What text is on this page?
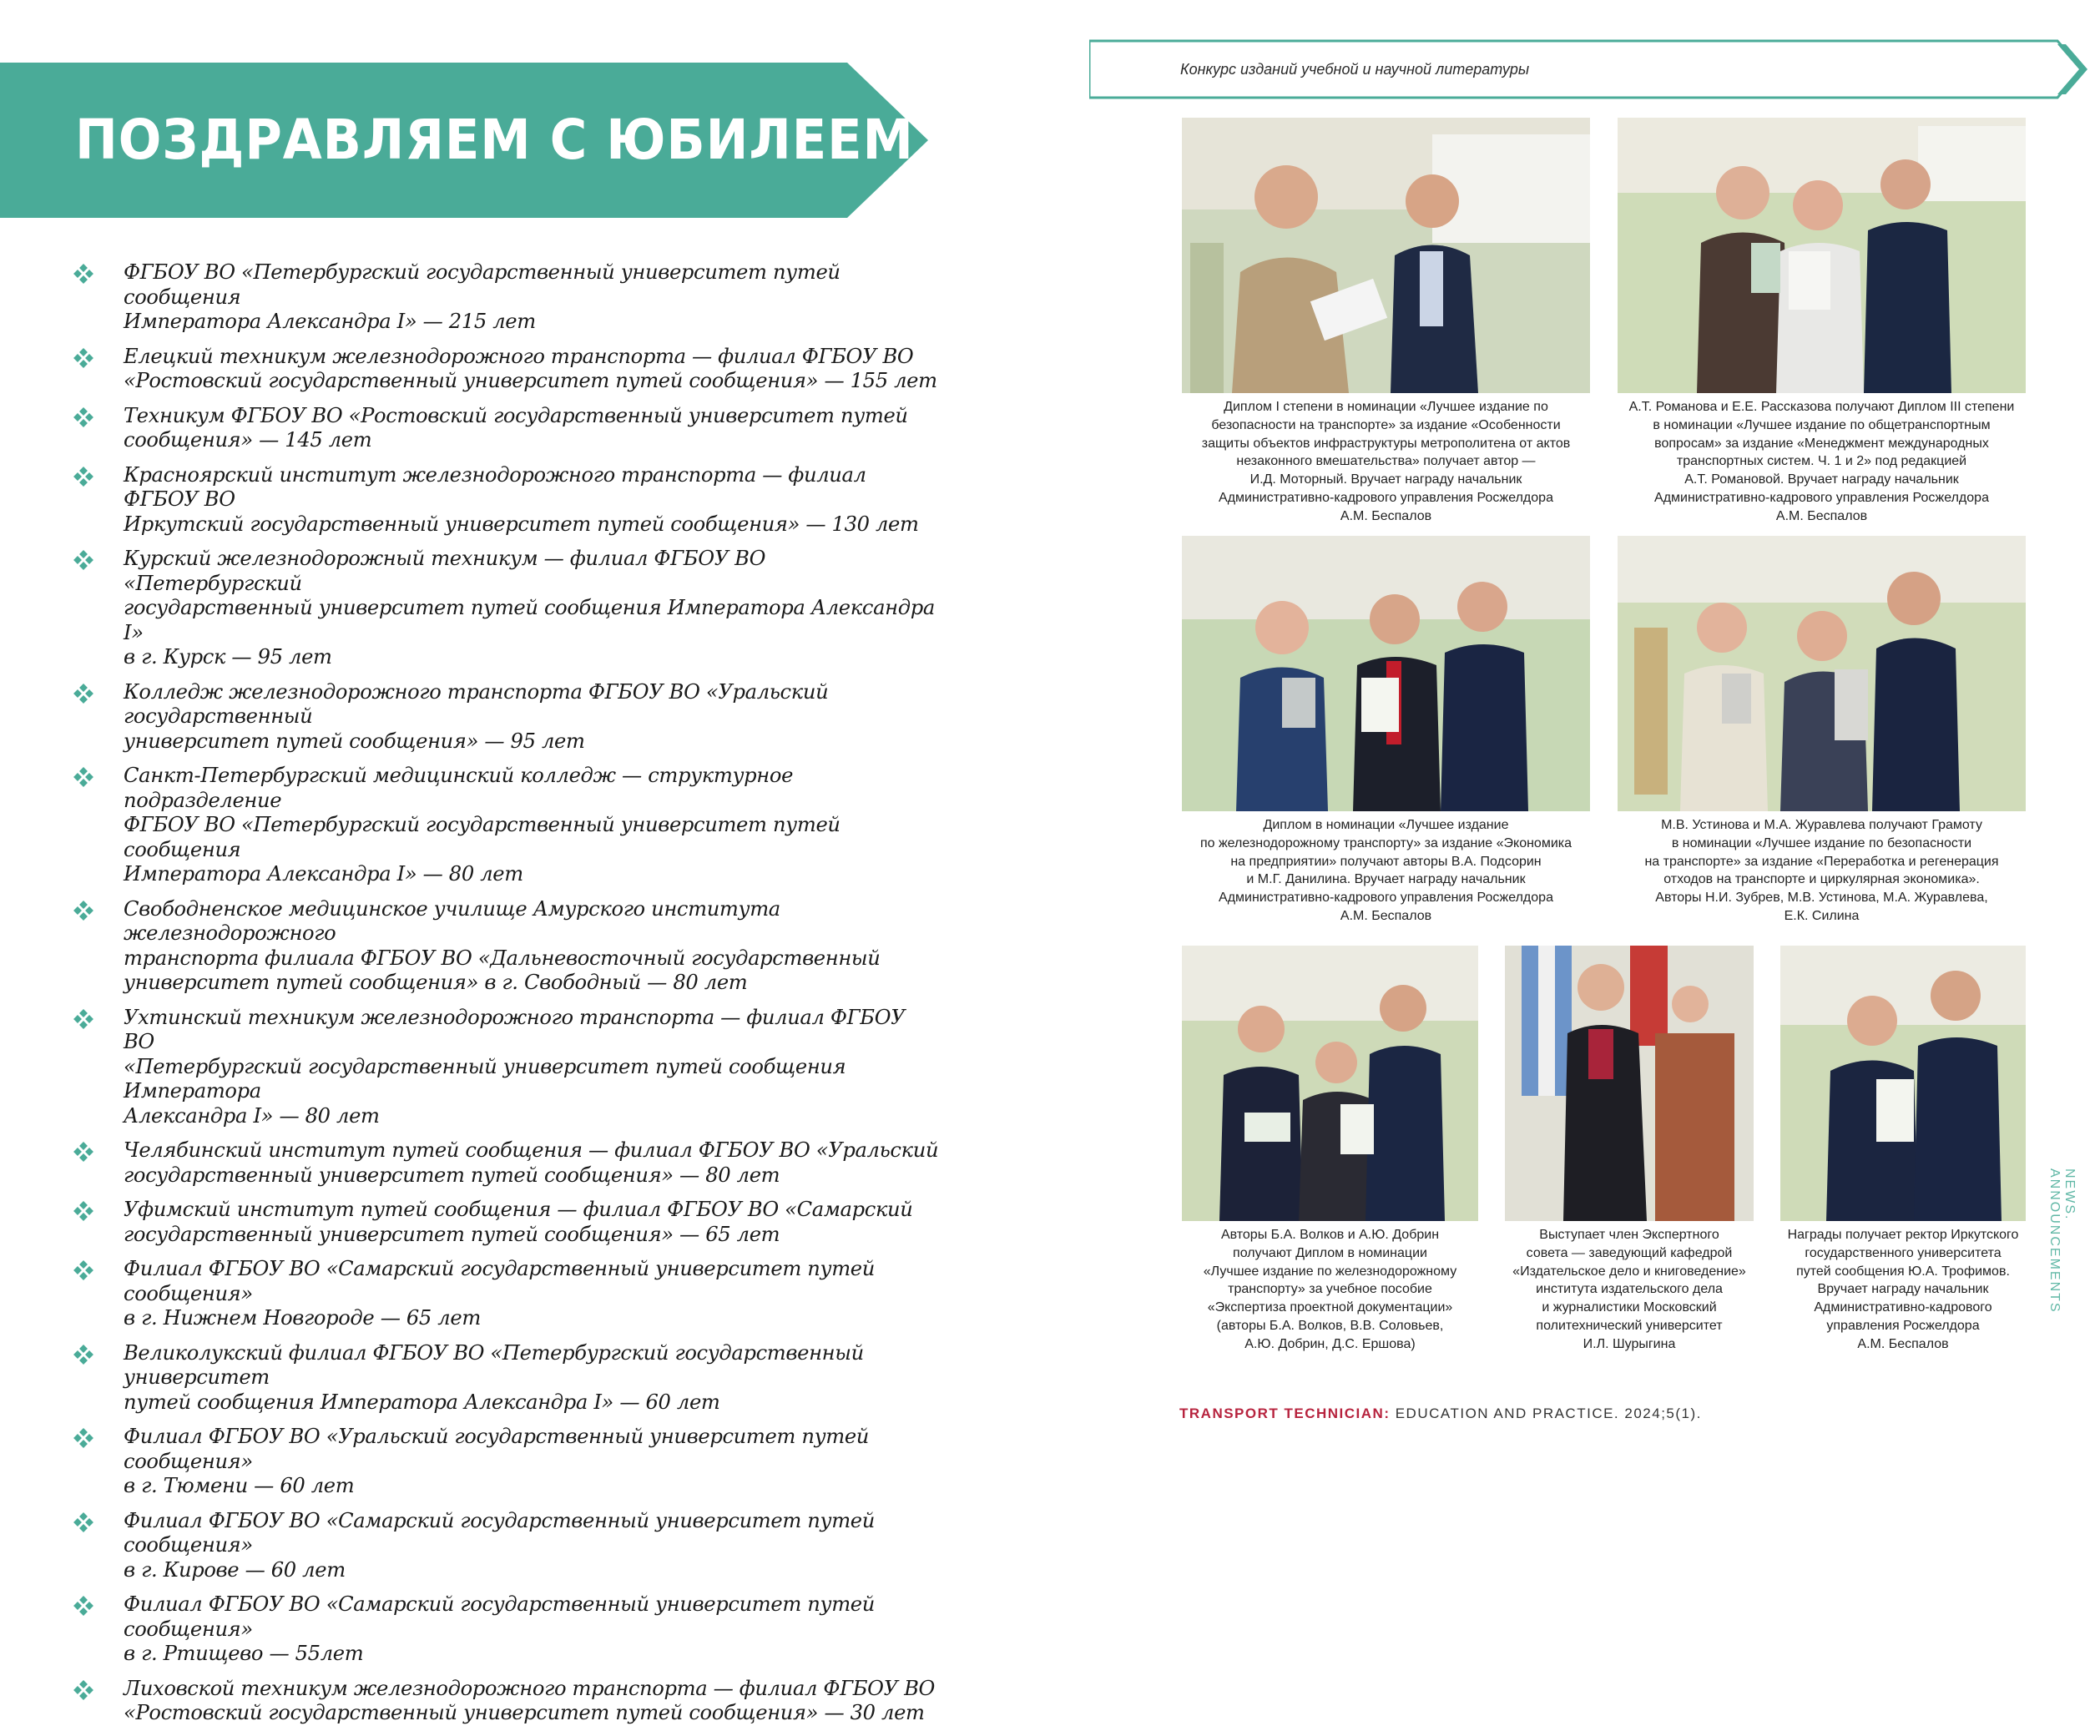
ПОЗДРАВЛЯЕМ С ЮБИЛЕЕМ
ФГБОУ ВО «Петербургский государственный университет путей сообщения
Императора Александра I» — 215 лет
Елецкий техникум железнодорожного транспорта — филиал ФГБОУ ВО
«Ростовский государственный университет путей сообщения» — 155 лет
Техникум ФГБОУ ВО «Ростовский государственный университет путей
сообщения» — 145 лет
Красноярский институт железнодорожного транспорта — филиал ФГБОУ ВО
Иркутский государственный университет путей сообщения» — 130 лет
Курский железнодорожный техникум — филиал ФГБОУ ВО «Петербургский
государственный университет путей сообщения Императора Александра I»
в г. Курск — 95 лет
Колледж железнодорожного транспорта ФГБОУ ВО «Уральский государственный
университет путей сообщения» — 95 лет
Санкт-Петербургский медицинский колледж — структурное подразделение
ФГБОУ ВО «Петербургский государственный университет путей сообщения
Императора Александра I» — 80 лет
Свободненское медицинское училище Амурского института железнодорожного
транспорта филиала ФГБОУ ВО «Дальневосточный государственный
университет путей сообщения» в г. Свободный — 80 лет
Ухтинский техникум железнодорожного транспорта — филиал ФГБОУ ВО
«Петербургский государственный университет путей сообщения Императора
Александра I» — 80 лет
Челябинский институт путей сообщения — филиал ФГБОУ ВО «Уральский
государственный университет путей сообщения» — 80 лет
Уфимский институт путей сообщения — филиал ФГБОУ ВО «Самарский
государственный университет путей сообщения» — 65 лет
Филиал ФГБОУ ВО «Самарский государственный университет путей сообщения»
в г. Нижнем Новгороде — 65 лет
Великолукский филиал ФГБОУ ВО «Петербургский государственный университет
путей сообщения Императора Александра I» — 60 лет
Филиал ФГБОУ ВО «Уральский государственный университет путей сообщения»
в г. Тюмени — 60 лет
Филиал ФГБОУ ВО «Самарский государственный университет путей сообщения»
в г. Кирове — 60 лет
Филиал ФГБОУ ВО «Самарский государственный университет путей сообщения»
в г. Ртищево — 55лет
Лиховской техникум железнодорожного транспорта — филиал ФГБОУ ВО
«Ростовский государственный университет путей сообщения» — 30 лет
Конкурс изданий учебной и научной литературы
Диплом I степени в номинации «Лучшее издание по
безопасности на транспорте» за издание «Особенности
защиты объектов инфраструктуры метрополитена от актов
незаконного вмешательства» получает автор —
И.Д. Моторный. Вручает награду начальник
Административно-кадрового управления Росжелдора
А.М. Беспалов
А.Т. Романова и Е.Е. Рассказова получают Диплом III степени
в номинации «Лучшее издание по общетранспортным
вопросам» за издание «Менеджмент международных
транспортных систем. Ч. 1 и 2» под редакцией
А.Т. Романовой. Вручает награду начальник
Административно-кадрового управления Росжелдора
А.М. Беспалов
Диплом в номинации «Лучшее издание
по железнодорожному транспорту» за издание «Экономика
на предприятии» получают авторы В.А. Подсорин
и М.Г. Данилина. Вручает награду начальник
Административно-кадрового управления Росжелдора
А.М. Беспалов
М.В. Устинова и М.А. Журавлева получают Грамоту
в номинации «Лучшее издание по безопасности
на транспорте» за издание «Переработка и регенерация
отходов на транспорте и циркулярная экономика».
Авторы Н.И. Зубрев, М.В. Устинова, М.А. Журавлева,
Е.К. Силина
Авторы Б.А. Волков и А.Ю. Добрин
получают Диплом в номинации
«Лучшее издание по железнодорожному
транспорту» за учебное пособие
«Экспертиза проектной документации»
(авторы Б.А. Волков, В.В. Соловьев,
А.Ю. Добрин, Д.С. Ершова)
Выступает член Экспертного
совета — заведующий кафедрой
«Издательское дело и книговедение»
института издательского дела
и журналистики Московский
политехнический университет
И.Л. Шурыгина
Награды получает ректор Иркутского
государственного университета
путей сообщения Ю.А. Трофимов.
Вручает награду начальник
Административно-кадрового
управления Росжелдора
А.М. Беспалов
NEWS. ANNOUNCEMENTS
TRANSPORT TECHNICIAN: EDUCATION AND PRACTICE. 2024;5(1).
